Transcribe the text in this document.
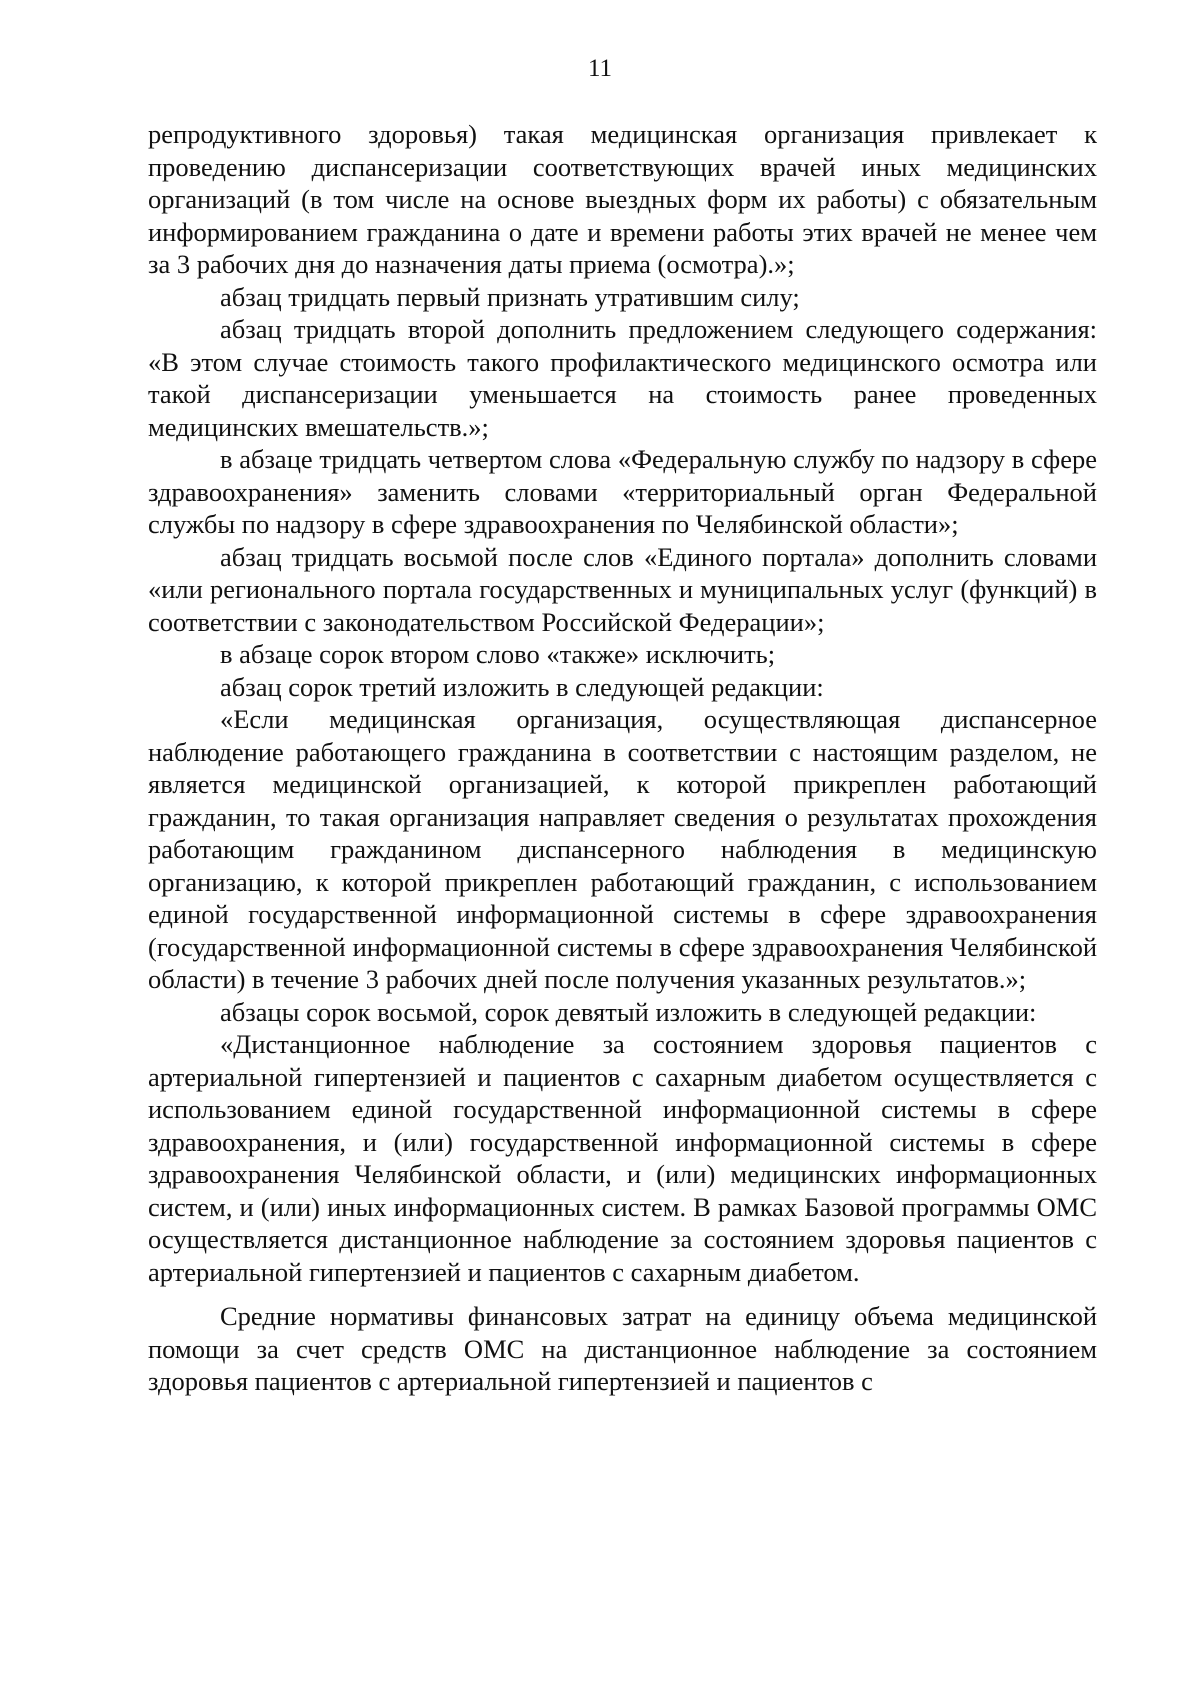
11

репродуктивного здоровья) такая медицинская организация привлекает к проведению диспансеризации соответствующих врачей иных медицинских организаций (в том числе на основе выездных форм их работы) с обязательным информированием гражданина о дате и времени работы этих врачей не менее чем за 3 рабочих дня до назначения даты приема (осмотра).»;

абзац тридцать первый признать утратившим силу;

абзац тридцать второй дополнить предложением следующего содержания: «В этом случае стоимость такого профилактического медицинского осмотра или такой диспансеризации уменьшается на стоимость ранее проведенных медицинских вмешательств.»;

в абзаце тридцать четвертом слова «Федеральную службу по надзору в сфере здравоохранения» заменить словами «территориальный орган Федеральной службы по надзору в сфере здравоохранения по Челябинской области»;

абзац тридцать восьмой после слов «Единого портала» дополнить словами «или регионального портала государственных и муниципальных услуг (функций) в соответствии с законодательством Российской Федерации»;

в абзаце сорок втором слово «также» исключить;

абзац сорок третий изложить в следующей редакции:

«Если медицинская организация, осуществляющая диспансерное наблюдение работающего гражданина в соответствии с настоящим разделом, не является медицинской организацией, к которой прикреплен работающий гражданин, то такая организация направляет сведения о результатах прохождения работающим гражданином диспансерного наблюдения в медицинскую организацию, к которой прикреплен работающий гражданин, с использованием единой государственной информационной системы в сфере здравоохранения (государственной информационной системы в сфере здравоохранения Челябинской области) в течение 3 рабочих дней после получения указанных результатов.»;

абзацы сорок восьмой, сорок девятый изложить в следующей редакции:

«Дистанционное наблюдение за состоянием здоровья пациентов с артериальной гипертензией и пациентов с сахарным диабетом осуществляется с использованием единой государственной информационной системы в сфере здравоохранения, и (или) государственной информационной системы в сфере здравоохранения Челябинской области, и (или) медицинских информационных систем, и (или) иных информационных систем. В рамках Базовой программы ОМС осуществляется дистанционное наблюдение за состоянием здоровья пациентов с артериальной гипертензией и пациентов с сахарным диабетом.

Средние нормативы финансовых затрат на единицу объема медицинской помощи за счет средств ОМС на дистанционное наблюдение за состоянием здоровья пациентов с артериальной гипертензией и пациентов с
